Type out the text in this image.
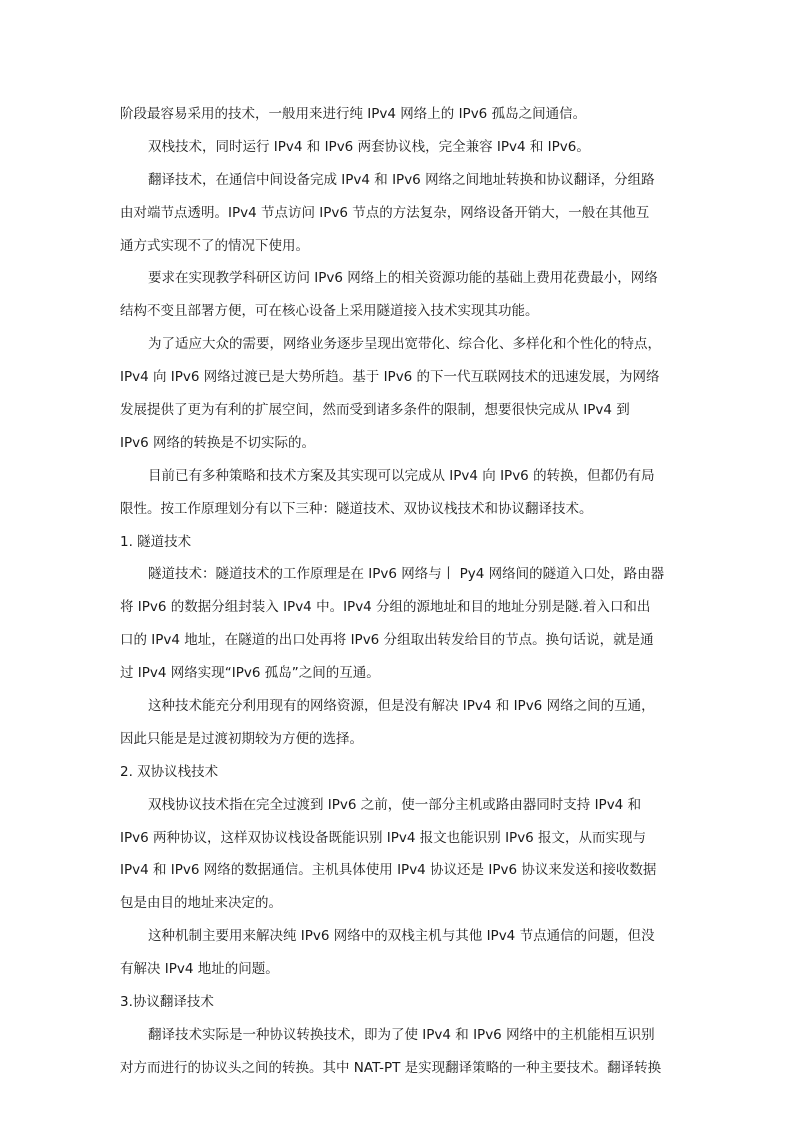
阶段最容易采用的技术，一般用来进行纯 IPv4 网络上的 IPv6 孤岛之间通信。
双栈技术，同时运行 IPv4 和 IPv6 两套协议栈，完全兼容 IPv4 和 IPv6。
翻译技术，在通信中间设备完成 IPv4 和 IPv6 网络之间地址转换和协议翻译，分组路
由对端节点透明。IPv4 节点访问 IPv6 节点的方法复杂，网络设备开销大，一般在其他互
通方式实现不了的情况下使用。
要求在实现教学科研区访问 IPv6 网络上的相关资源功能的基础上费用花费最小，网络
结构不变且部署方便，可在核心设备上采用隧道接入技术实现其功能。
为了适应大众的需要，网络业务逐步呈现出宽带化、综合化、多样化和个性化的特点，
IPv4 向 IPv6 网络过渡已是大势所趋。基于 IPv6 的下一代互联网技术的迅速发展，为网络
发展提供了更为有利的扩展空间，然而受到诸多条件的限制，想要很快完成从 IPv4 到
IPv6 网络的转换是不切实际的。
目前已有多种策略和技术方案及其实现可以完成从 IPv4 向 IPv6 的转换，但都仍有局
限性。按工作原理划分有以下三种：隧道技术、双协议栈技术和协议翻译技术。
1. 隧道技术
隧道技术：隧道技术的工作原理是在 IPv6 网络与丨 Py4 网络间的隧道入口处，路由器
将 IPv6 的数据分组封装入 IPv4 中。IPv4 分组的源地址和目的地址分别是隧.着入口和出
口的 IPv4 地址，在隧道的出口处再将 IPv6 分组取出转发给目的节点。换句话说，就是通
过 IPv4 网络实现“IPv6 孤岛”之间的互通。
这种技术能充分利用现有的网络资源，但是没有解决 IPv4 和 IPv6 网络之间的互通，
因此只能是是过渡初期较为方便的选择。
2. 双协议栈技术
双栈协议技术指在完全过渡到 IPv6 之前，使一部分主机或路由器同时支持 IPv4 和
IPv6 两种协议，这样双协议栈设备既能识别 IPv4 报文也能识别 IPv6 报文，从而实现与
IPv4 和 IPv6 网络的数据通信。主机具体使用 IPv4 协议还是 IPv6 协议来发送和接收数据
包是由目的地址来决定的。
这种机制主要用来解决纯 IPv6 网络中的双栈主机与其他 IPv4 节点通信的问题，但没
有解决 IPv4 地址的问题。
3.协议翻译技术
翻译技术实际是一种协议转换技术，即为了使 IPv4 和 IPv6 网络中的主机能相互识别
对方而进行的协议头之间的转换。其中 NAT-PT 是实现翻译策略的一种主要技术。翻译转换
